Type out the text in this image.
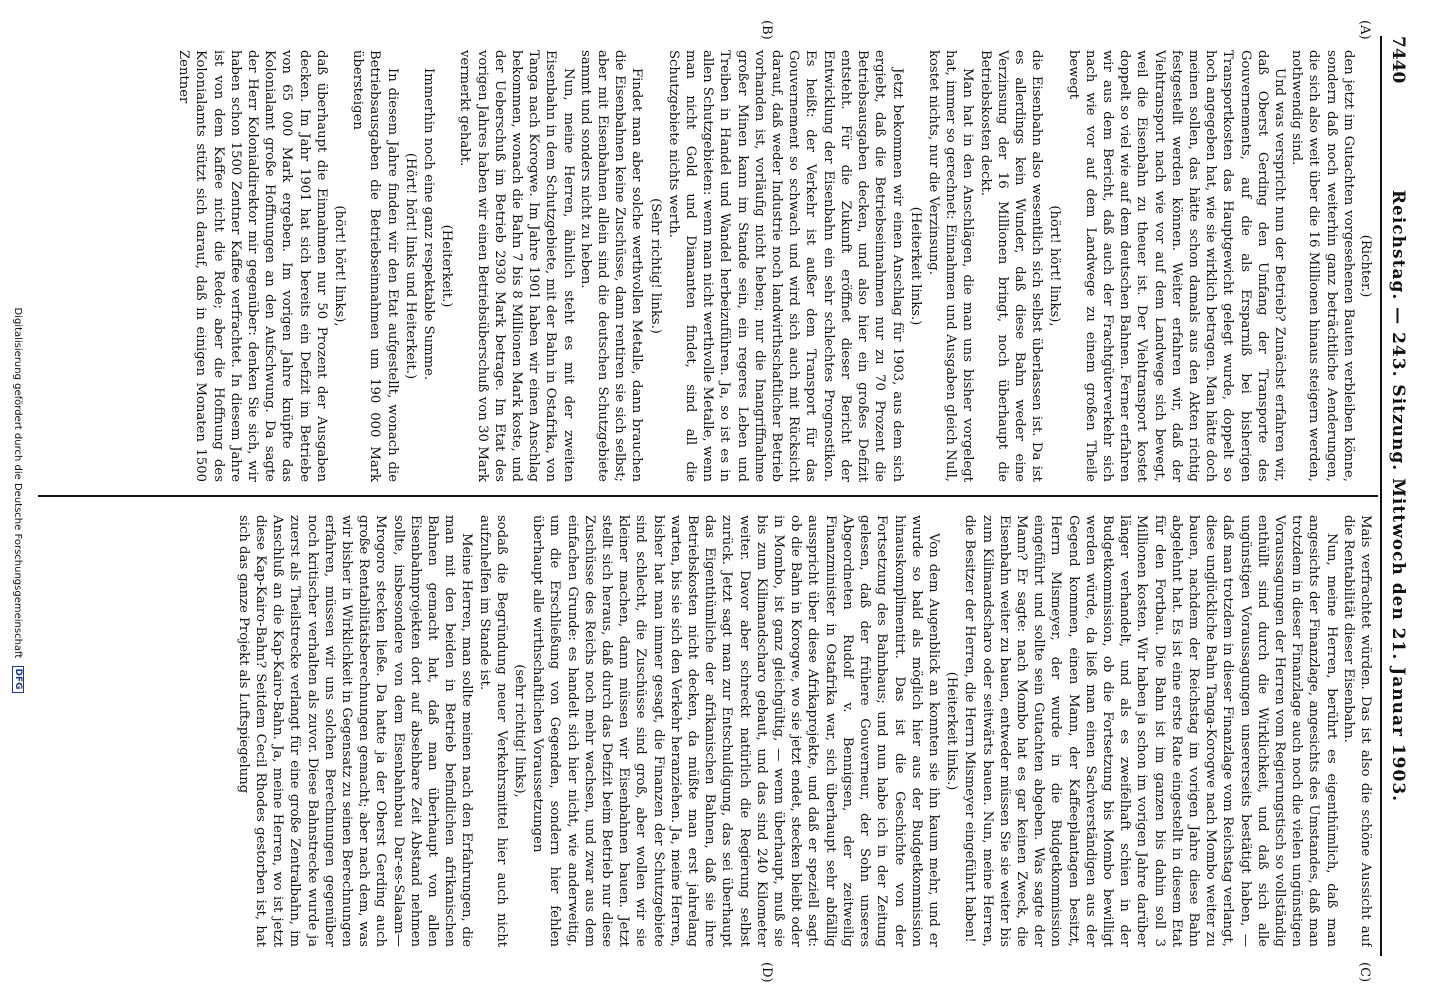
7440
Reichstag. — 243. Sitzung. Mittwoch den 21. Januar 1903.
(A)
(B)
(C)
(D)

(Richter.)

den jetzt im Gutachten vorgesehenen Bauten verbleiben könne, sondern daß noch weiterhin ganz beträchtliche Aenderungen, die sich also weit über die 16 Millionen hinaus steigern werden, nothwendig sind.

Und was verspricht nun der Betrieb? Zunächst erfahren wir, daß Oberst Gerding den Umfang der Transporte des Gouvernements, auf die als Ersparniß bei bisherigen Transportkosten das Hauptgewicht gelegt wurde, doppelt so hoch angegeben hat, wie sie wirklich betragen. Man hätte doch meinen sollen, das hätte schon damals aus den Akten richtig festgestellt werden können. Weiter erfahren wir, daß der Viehtransport nach wie vor auf dem Landwege sich bewegt, weil die Eisenbahn zu theuer ist. Der Viehtransport kostet doppelt so viel wie auf dem deutschen Bahnen. Ferner erfahren wir aus dem Bericht, daß auch der Frachtgüterverkehr sich nach wie vor auf dem Landwege zu einem großen Theile bewegt

(hört! hört! links),

die Eisenbahn also wesentlich sich selbst überlassen ist. Da ist es allerdings kein Wunder, daß diese Bahn weder eine Verzinsung der 16 Millionen bringt, noch überhaupt die Betriebskosten deckt.

Man hat in den Anschlägen, die man uns bisher vorgelegt hat, immer so gerechnet: Einnahmen und Ausgaben gleich Null, kostet nichts, nur die Verzinsung.

(Heiterkeit links.)

Jetzt bekommen wir einen Anschlag für 1903, aus dem sich ergiebt, daß die Betriebseinnahmen nur zu 70 Prozent die Betriebsausgaben decken, und also hier ein großes Defizit entsteht. Für die Zukunft eröffnet dieser Bericht der Entwicklung der Eisenbahn ein sehr schlechtes Prognostikon. Es heißt: der Verkehr ist außer dem Transport für das Gouvernement so schwach und wird sich auch mit Rücksicht darauf, daß weder Industrie noch landwirthschaftlicher Betrieb vorhanden ist, vorläufig nicht heben; nur die Inangriffnahme großer Minen kann im Stande sein, ein regeres Leben und Treiben in Handel und Wandel herbeizuführen. Ja, so ist es in allen Schutzgebieten: wenn man nicht werthvolle Metalle, wenn man nicht Gold und Diamanten findet, sind all die Schutzgebiete nichts werth.

(Sehr richtig! links.)

Findet man aber solche werthvollen Metalle, dann brauchen die Eisenbahnen keine Zuschüsse, dann rentiren sie sich selbst; aber mit Eisenbahnen allein sind die deutschen Schutzgebiete sammt und sonders nicht zu heben.

Nun, meine Herren, ähnlich steht es mit der zweiten Eisenbahn in dem Schutzgebiete, mit der Bahn in Ostafrika, von Tanga nach Korogwe. Im Jahre 1901 haben wir einen Anschlag bekommen, wonach die Bahn 7 bis 8 Millionen Mark koste, und der Ueberschuß im Betrieb 2930 Mark betrage. Im Etat des vorigen Jahres haben wir einen Betriebsüberschuß von 30 Mark vermerkt gehabt.

(Heiterkeit.)

Immerhin noch eine ganz respektable Summe.

(Hört! hört! links und Heiterkeit.)

In diesem Jahre finden wir den Etat aufgestellt, wonach die Betriebsausgaben die Betriebseinnahmen um 190 000 Mark übersteigen

(hört! hört! links),

daß überhaupt die Einnahmen nur 50 Prozent der Ausgaben decken. Im Jahr 1901 hat sich bereits ein Defizit im Betriebe von 65 000 Mark ergeben. Im vorigen Jahre knüpfte das Kolonialamt große Hoffnungen an den Aufschwung. Da sagte der Herr Kolonialdirektor mir gegenüber: denken Sie sich, wir haben schon 1500 Zentner Kaffee verfrachtet. In diesem Jahre ist von dem Kaffee nicht die Rede; aber die Hoffnung des Kolonialamts stützt sich darauf, daß in einigen Monaten 1500 Zentner

Mais verfrachtet würden. Das ist also die schöne Aussicht auf die Rentabilität dieser Eisenbahn.

Nun, meine Herren, berührt es eigenthümlich, daß man angesichts der Finanzlage, angesichts des Umstandes, daß man trotzdem in dieser Finanzlage auch noch die vielen ungünstigen Voraussagungen der Herren vom Regierungstisch so vollständig enthüllt sind durch die Wirklichkeit, und daß sich alle ungünstigen Voraussagungen unsererseits bestätigt haben, — daß man trotzdem in dieser Finanzlage vom Reichstag verlangt, diese unglückliche Bahn Tanga-Korogwe nach Mombo weiter zu bauen, nachdem der Reichstag im vorigen Jahre diese Bahn abgelehnt hat. Es ist eine erste Rate eingestellt in diesem Etat für den Fortbau. Die Bahn ist im ganzen bis dahin soll 3 Millionen kosten. Wir haben ja schon im vorigen Jahre darüber länger verhandelt, und als es zweifelhaft schien in der Budgetkommission, ob die Fortsetzung bis Mombo bewilligt werden würde, da ließ man einen Sachverständigen aus der Gegend kommen, einen Mann, der Kaffeeplantagen besitzt, Herrn Mismeyer, der wurde in die Budgetkommission eingeführt und sollte sein Gutachten abgeben. Was sagte der Mann? Er sagte: nach Mombo hat es gar keinen Zweck, die Eisenbahn weiter zu bauen, entweder müssen Sie sie weiter bis zum Kilimandscharo oder seitwärts bauen. Nun, meine Herren, die Besitzer der Herren, die Herrn Mismeyer eingeführt haben!

(Heiterkeit links.)

Von dem Augenblick an konnten sie ihn kaum mehr, und er wurde so bald als möglich hier aus der Budgetkommission hinauskomplimentirt. Das ist die Geschichte von der Fortsetzung des Bahnbaus; und nun habe ich in der Zeitung gelesen, daß der frühere Gouverneur, der Sohn unseres Abgeordneten Rudolf v. Bennigsen, der zeitweilig Finanzminister in Ostafrika war, sich überhaupt sehr abfällig ausspricht über diese Afrikaprojekte, und daß er speziell sagt: ob die Bahn in Korogwe, wo sie jetzt endet, stecken bleibt oder in Mombo, ist ganz gleichgültig, — wenn überhaupt, muß sie bis zum Kilimandscharo gebaut, und das sind 240 Kilometer weiter. Davor aber schreckt natürlich die Regierung selbst zurück. Jetzt sagt man zur Entschuldigung, das sei überhaupt das Eigenthümliche der afrikanischen Bahnen, daß sie ihre Betriebskosten nicht decken, da müßte man erst jahrelang warten, bis sie sich den Verkehr heranziehen. Ja, meine Herren, bisher hat man immer gesagt, die Finanzen der Schutzgebiete sind schlecht, die Zuschüsse sind groß, aber wollen wir sie kleiner machen, dann müssen wir Eisenbahnen bauen. Jetzt stellt sich heraus, daß durch das Defizit beim Betrieb nur diese Zuschüsse des Reichs noch mehr wachsen, und zwar aus dem einfachen Grunde: es handelt sich hier nicht, wie anderweitig, um die Erschließung von Gegenden, sondern hier fehlen überhaupt alle wirthschaftlichen Voraussetzungen

(sehr richtig! links),

sodaß die Begründung neuer Verkehrsmittel hier auch nicht aufzuhelfen im Stande ist.

Meine Herren, man sollte meinen nach den Erfahrungen, die man mit den beiden in Betrieb befindlichen afrikanischen Bahnen gemacht hat, daß man überhaupt von allen Eisenbahnprojekten dort auf absehbare Zeit Abstand nehmen sollte, insbesondere von dem Eisenbahnbau Dar-es-Salaam—Mrogoro stecken ließe. Da hatte ja der Oberst Gerding auch große Rentabilitätsberechnungen gemacht; aber nach dem, was wir bisher in Wirklichkeit in Gegensatz zu seinen Berechnungen erfahren, müssen wir uns solchen Berechnungen gegenüber noch kritischer verhalten als zuvor. Diese Bahnstrecke wurde ja zuerst als Theilstrecke verlangt für eine große Zentralbahn, im Anschluß an die Kap-Kairo-Bahn. Ja, meine Herren, wo ist jetzt diese Kap-Kairo-Bahn? Seitdem Cecil Rhodes gestorben ist, hat sich das ganze Projekt als Luftspiegelung

Digitalisierung gefördert durch die Deutsche Forschungsgemeinschaft DFG
